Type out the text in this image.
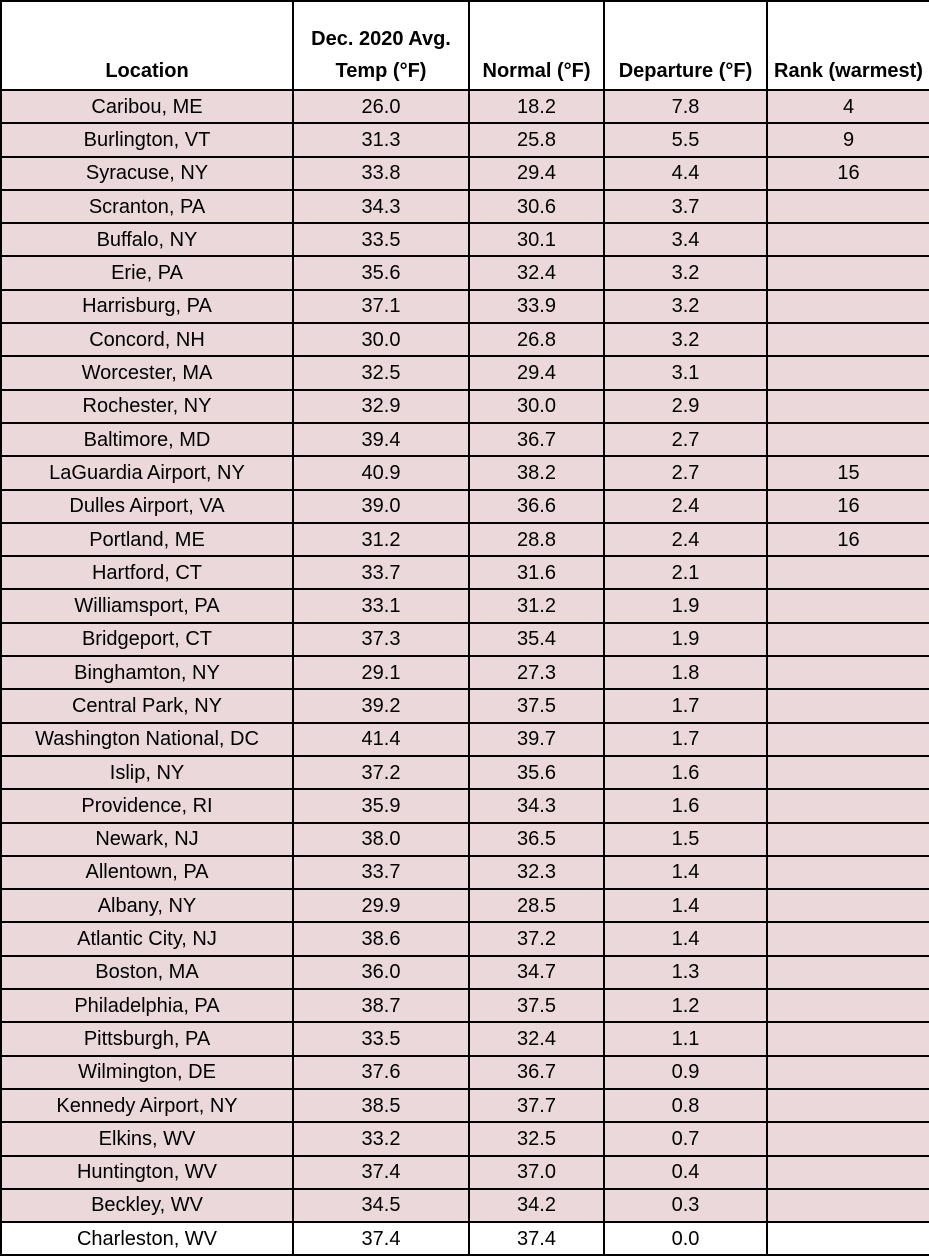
Location	Dec. 2020 Avg. Temp (°F)	Normal (°F)	Departure (°F)	Rank (warmest)
Caribou, ME	26.0	18.2	7.8	4
Burlington, VT	31.3	25.8	5.5	9
Syracuse, NY	33.8	29.4	4.4	16
Scranton, PA	34.3	30.6	3.7	
Buffalo, NY	33.5	30.1	3.4	
Erie, PA	35.6	32.4	3.2	
Harrisburg, PA	37.1	33.9	3.2	
Concord, NH	30.0	26.8	3.2	
Worcester, MA	32.5	29.4	3.1	
Rochester, NY	32.9	30.0	2.9	
Baltimore, MD	39.4	36.7	2.7	
LaGuardia Airport, NY	40.9	38.2	2.7	15
Dulles Airport, VA	39.0	36.6	2.4	16
Portland, ME	31.2	28.8	2.4	16
Hartford, CT	33.7	31.6	2.1	
Williamsport, PA	33.1	31.2	1.9	
Bridgeport, CT	37.3	35.4	1.9	
Binghamton, NY	29.1	27.3	1.8	
Central Park, NY	39.2	37.5	1.7	
Washington National, DC	41.4	39.7	1.7	
Islip, NY	37.2	35.6	1.6	
Providence, RI	35.9	34.3	1.6	
Newark, NJ	38.0	36.5	1.5	
Allentown, PA	33.7	32.3	1.4	
Albany, NY	29.9	28.5	1.4	
Atlantic City, NJ	38.6	37.2	1.4	
Boston, MA	36.0	34.7	1.3	
Philadelphia, PA	38.7	37.5	1.2	
Pittsburgh, PA	33.5	32.4	1.1	
Wilmington, DE	37.6	36.7	0.9	
Kennedy Airport, NY	38.5	37.7	0.8	
Elkins, WV	33.2	32.5	0.7	
Huntington, WV	37.4	37.0	0.4	
Beckley, WV	34.5	34.2	0.3	
Charleston, WV	37.4	37.4	0.0	
